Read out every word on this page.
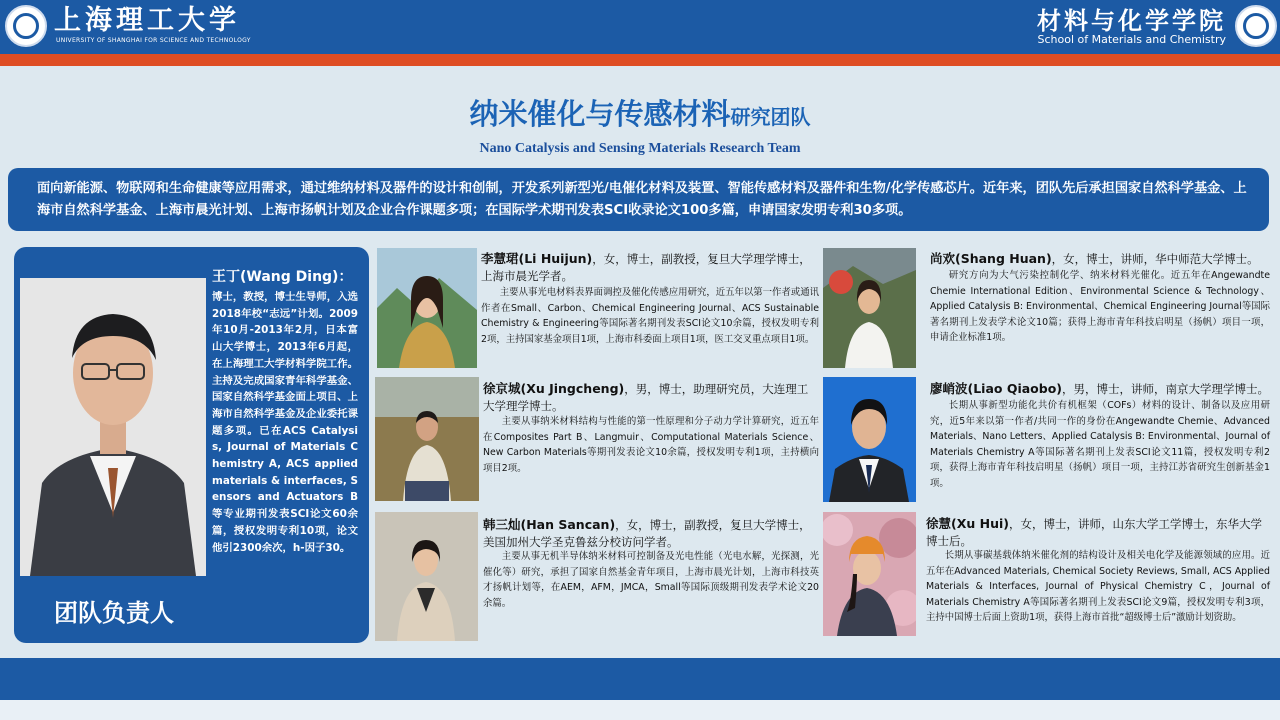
上海理工大学
UNIVERSITY OF SHANGHAI FOR SCIENCE AND TECHNOLOGY
材料与化学学院
School of Materials and Chemistry
纳米催化与传感材料研究团队
Nano Catalysis and Sensing Materials Research Team
面向新能源、物联网和生命健康等应用需求，通过维纳材料及器件的设计和创制，开发系列新型光/电催化材料及装置、智能传感材料及器件和生物/化学传感芯片。近年来，团队先后承担国家自然科学基金、上海市自然科学基金、上海市晨光计划、上海市扬帆计划及企业合作课题多项；在国际学术期刊发表SCI收录论文100多篇，申请国家发明专利30多项。
王丁(Wang Ding)：
博士，教授，博士生导师，入选2018年校“志远”计划。2009年10月-2013年2月，日本富山大学博士，2013年6月起，在上海理工大学材料学院工作。主持及完成国家青年科学基金、国家自然科学基金面上项目、上海市自然科学基金及企业委托课题多项。已在ACS Catalysis, Journal of Materials Chemistry A, ACS applied materials & interfaces, Sensors and Actuators B等专业期刊发表SCI论文60余篇，授权发明专利10项，论文他引2300余次，h-因子30。
团队负责人
李慧珺(Li Huijun)，女，博士，副教授，复旦大学理学博士，上海市晨光学者。
主要从事光电材料表界面调控及催化传感应用研究，近五年以第一作者或通讯作者在Small、Carbon、Chemical Engineering Journal、ACS Sustainable Chemistry & Engineering等国际著名期刊发表SCI论文10余篇，授权发明专利2项，主持国家基金项目1项，上海市科委面上项目1项，医工交叉重点项目1项。
徐京城(Xu Jingcheng)，男，博士，助理研究员，大连理工大学理学博士。
主要从事纳米材料结构与性能的第一性原理和分子动力学计算研究，近五年在Composites Part B、Langmuir、Computational Materials Science、New Carbon Materials等期刊发表论文10余篇，授权发明专利1项，主持横向项目2项。
韩三灿(Han Sancan)，女，博士，副教授，复旦大学博士，美国加州大学圣克鲁兹分校访问学者。
主要从事无机半导体纳米材料可控制备及光电性能（光电水解，光探测，光催化等）研究，承担了国家自然基金青年项目，上海市晨光计划，上海市科技英才扬帆计划等，在AEM，AFM，JMCA，Small等国际顶级期刊发表学术论文20余篇。
尚欢(Shang Huan)，女，博士，讲师，华中师范大学博士。
研究方向为大气污染控制化学、纳米材料光催化。近五年在Angewandte Chemie International Edition、Environmental Science & Technology、Applied Catalysis B: Environmental、Chemical Engineering Journal等国际著名期刊上发表学术论文10篇；获得上海市青年科技启明星（扬帆）项目一项，申请企业标准1项。
廖峭波(Liao Qiaobo)，男，博士，讲师，南京大学理学博士。
长期从事新型功能化共价有机框架（COFs）材料的设计、制备以及应用研究，近5年来以第一作者/共同一作的身份在Angewandte Chemie、Advanced Materials、Nano Letters、Applied Catalysis B: Environmental、Journal of Materials Chemistry A等国际著名期刊上发表SCI论文11篇，授权发明专利2项，获得上海市青年科技启明星（扬帆）项目一项，主持江苏省研究生创新基金1项。
徐慧(Xu Hui)，女，博士，讲师，山东大学工学博士，东华大学博士后。
长期从事碳基载体纳米催化剂的结构设计及相关电化学及能源领域的应用。近五年在Advanced Materials, Chemical Society Reviews, Small, ACS Applied Materials & Interfaces, Journal of Physical Chemistry C，Journal of Materials Chemistry A等国际著名期刊上发表SCI论文9篇，授权发明专利3项，主持中国博士后面上资助1项，获得上海市首批“超级博士后”激励计划资助。
